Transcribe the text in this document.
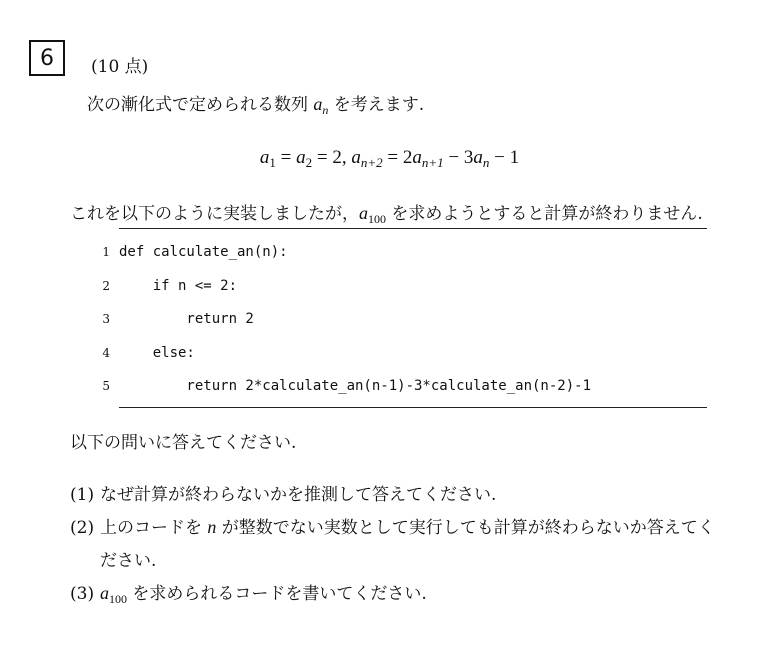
6 (10 点)
次の漸化式で定められる数列 $a_n$ を考えます.
$a_1 = a_2 = 2$, $a_{n+2} = 2a_{n+1} - 3a_n - 1$
これを以下のように実装しましたが，$a_{100}$ を求めようとすると計算が終わりません.
1 def calculate_an(n):
2 if n <= 2:
3 return 2
4 else:
5 return 2*calculate_an(n-1)-3*calculate_an(n-2)-1
以下の問いに答えてください.
(1) なぜ計算が終わらないかを推測して答えてください.
(2) 上のコードを n が整数でない実数として実行しても計算が終わらないか答えてく
ださい.
(3) $a_{100}$ を求められるコードを書いてください.
